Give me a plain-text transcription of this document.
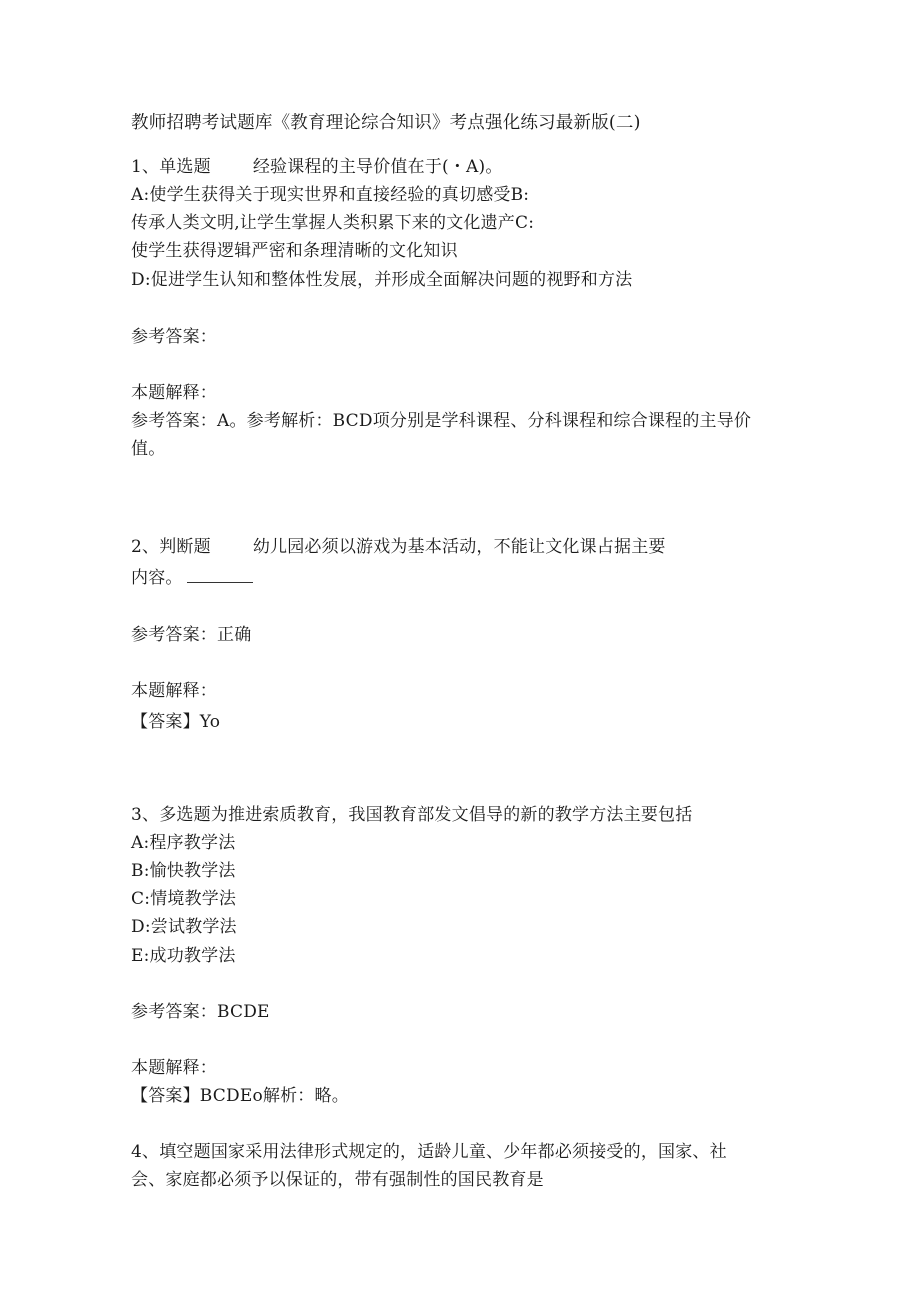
教师招聘考试题库《教育理论综合知识》考点强化练习最新版(二)
1、单选题 经验课程的主导价值在于(・A)。
A:使学生获得关于现实世界和直接经验的真切感受B:
传承人类文明,让学生掌握人类积累下来的文化遗产C:
使学生获得逻辑严密和条理清晰的文化知识
D:促进学生认知和整体性发展，并形成全面解决问题的视野和方法
参考答案：
本题解释：
参考答案：A。参考解析：BCD项分别是学科课程、分科课程和综合课程的主导价
值。
2、判断题 幼儿园必须以游戏为基本活动，不能让文化课占据主要
内容。
参考答案：正确
本题解释：
【答案】Yo
3、多选题为推进索质教育，我国教育部发文倡导的新的教学方法主要包括
A:程序教学法
B:愉快教学法
C:情境教学法
D:尝试教学法
E:成功教学法
参考答案：BCDE
本题解释：
【答案】BCDEo解析：略。
4、填空题国家采用法律形式规定的，适龄儿童、少年都必须接受的，国家、社
会、家庭都必须予以保证的，带有强制性的国民教育是
